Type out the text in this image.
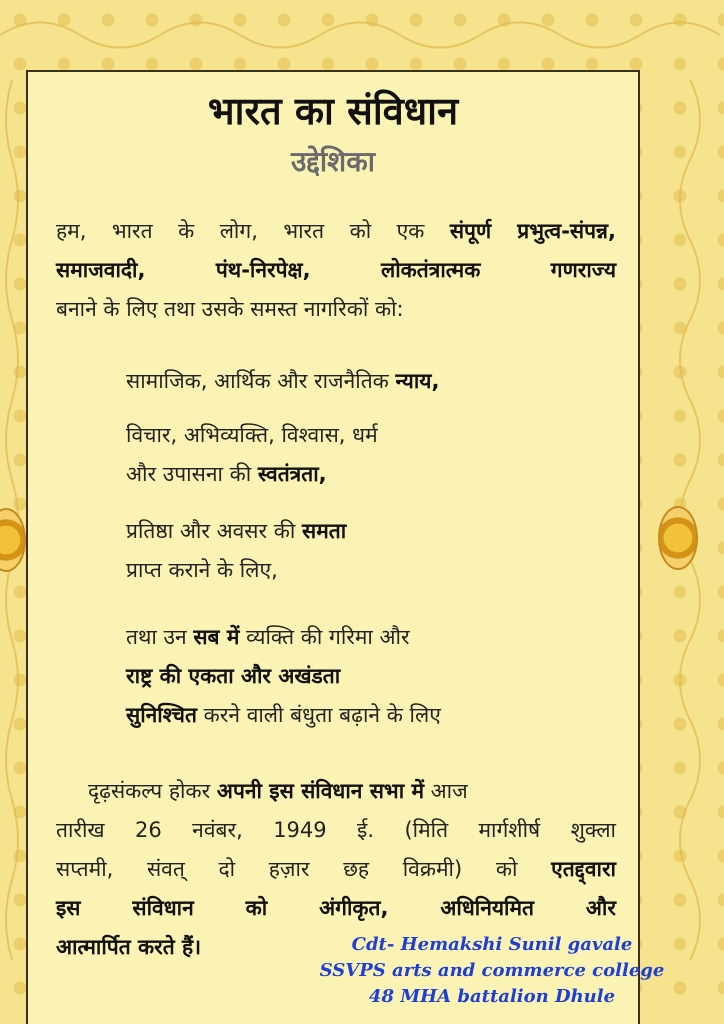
भारत का संविधान
उद्देशिका
हम, भारत के लोग, भारत को एक संपूर्ण प्रभुत्व-संपन्न,
समाजवादी, पंथ-निरपेक्ष, लोकतंत्रात्मक गणराज्य
बनाने के लिए तथा उसके समस्त नागरिकों को:
सामाजिक, आर्थिक और राजनैतिक न्याय,
विचार, अभिव्यक्ति, विश्वास, धर्म
और उपासना की स्वतंत्रता,
प्रतिष्ठा और अवसर की समता
प्राप्त कराने के लिए,
तथा उन सब में व्यक्ति की गरिमा और
राष्ट्र की एकता और अखंडता
सुनिश्चित करने वाली बंधुता बढ़ाने के लिए
दृढ़संकल्प होकर अपनी इस संविधान सभा में आज
तारीख 26 नवंबर, 1949 ई. (मिति मार्गशीर्ष शुक्ला
सप्तमी, संवत् दो हज़ार छह विक्रमी) को एतद्द्वारा
इस संविधान को अंगीकृत, अधिनियमित और
आत्मार्पित करते हैं।	Cdt- Hemakshi Sunil gavale
SSVPS arts and commerce college
48 MHA battalion Dhule
